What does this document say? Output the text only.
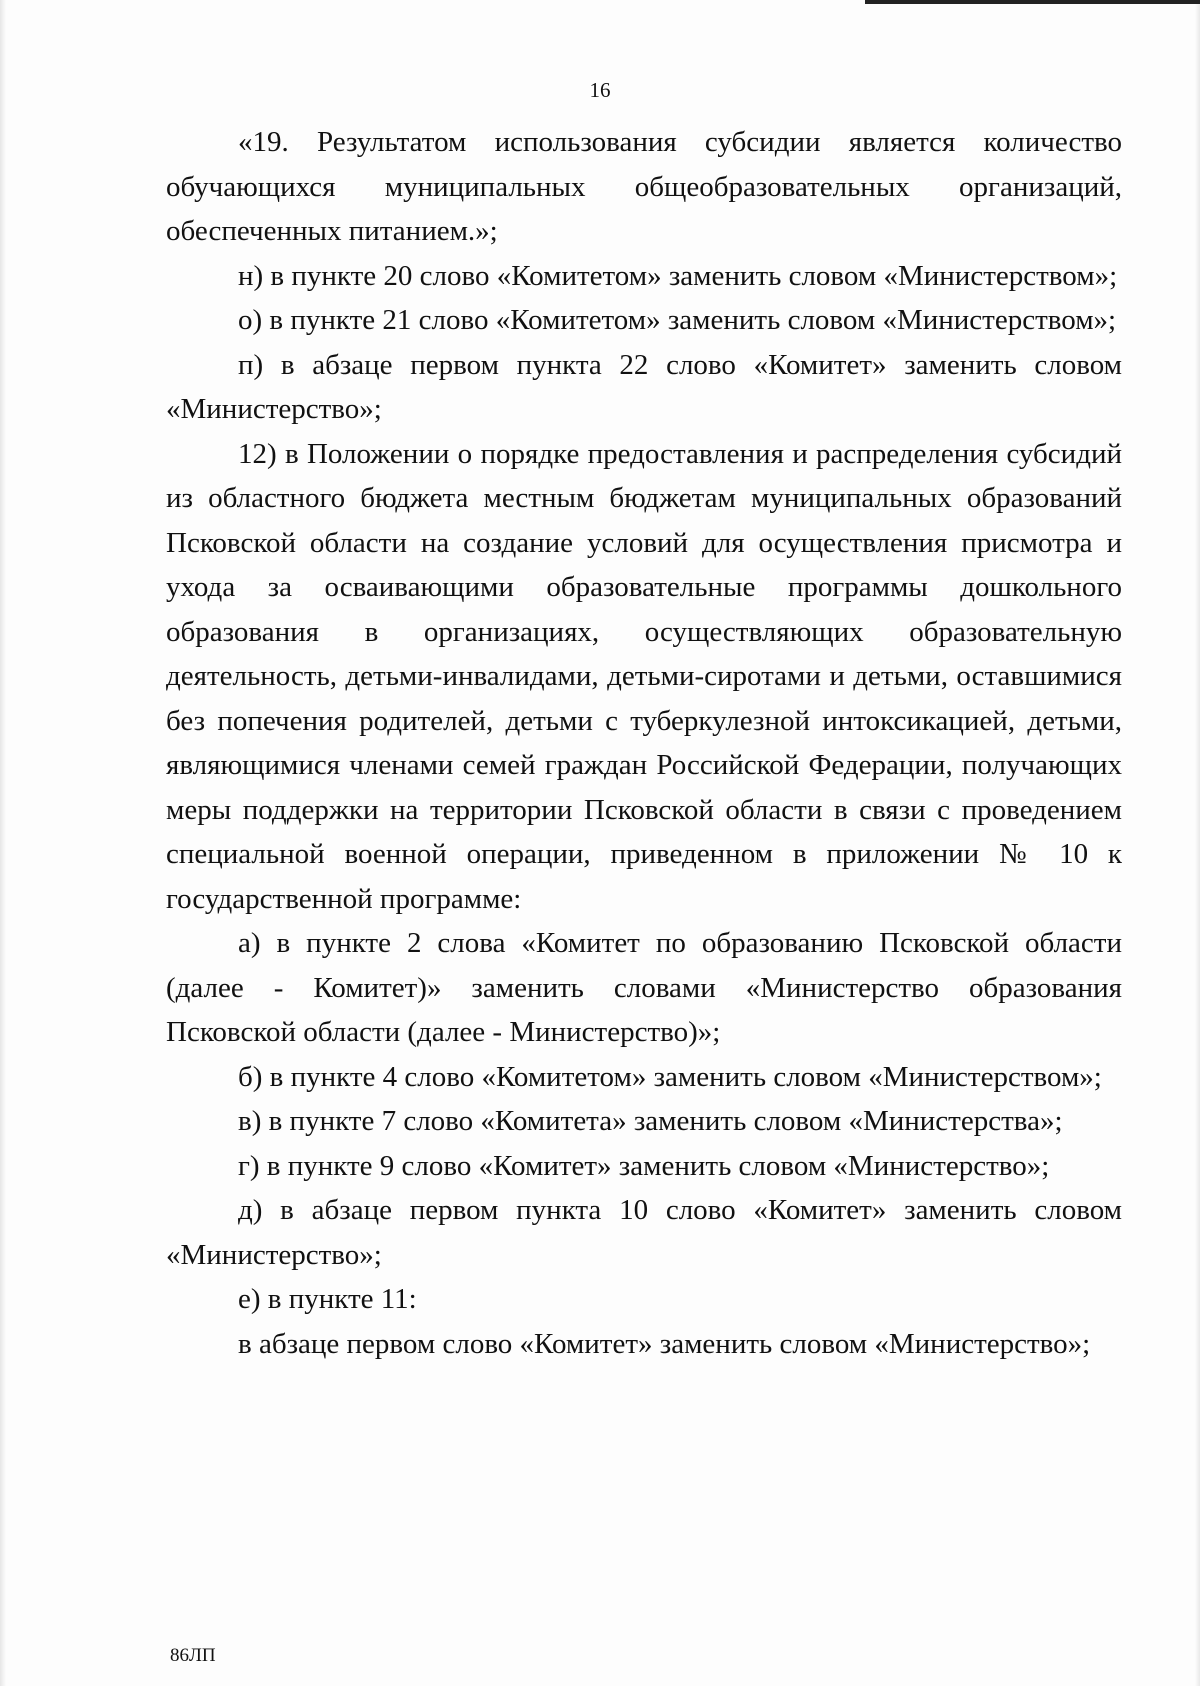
16

«19. Результатом использования субсидии является количество обучающихся муниципальных общеобразовательных организаций, обеспеченных питанием.»;

н) в пункте 20 слово «Комитетом» заменить словом «Министерством»;

о) в пункте 21 слово «Комитетом» заменить словом «Министерством»;

п) в абзаце первом пункта 22 слово «Комитет» заменить словом «Министерство»;

12) в Положении о порядке предоставления и распределения субсидий из областного бюджета местным бюджетам муниципальных образований Псковской области на создание условий для осуществления присмотра и ухода за осваивающими образовательные программы дошкольного образования в организациях, осуществляющих образовательную деятельность, детьми-инвалидами, детьми-сиротами и детьми, оставшимися без попечения родителей, детьми с туберкулезной интоксикацией, детьми, являющимися членами семей граждан Российской Федерации, получающих меры поддержки на территории Псковской области в связи с проведением специальной военной операции, приведенном в приложении № 10 к государственной программе:

а) в пункте 2 слова «Комитет по образованию Псковской области (далее - Комитет)» заменить словами «Министерство образования Псковской области (далее - Министерство)»;

б) в пункте 4 слово «Комитетом» заменить словом «Министерством»;

в) в пункте 7 слово «Комитета» заменить словом «Министерства»;

г) в пункте 9 слово «Комитет» заменить словом «Министерство»;

д) в абзаце первом пункта 10 слово «Комитет» заменить словом «Министерство»;

е) в пункте 11:

в абзаце первом слово «Комитет» заменить словом «Министерство»;

86ЛП
